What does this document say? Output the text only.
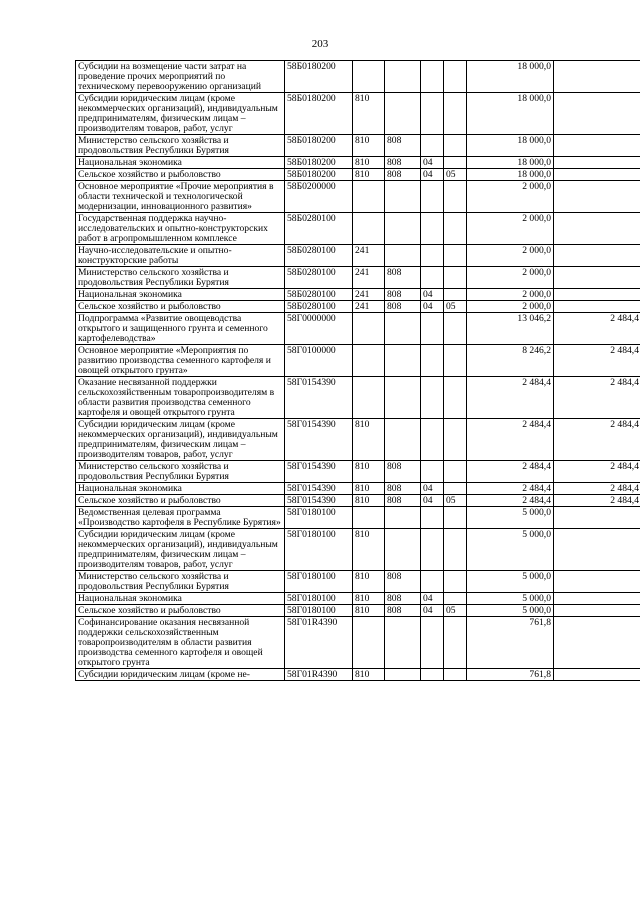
203
Субсидии на возмещение части затрат на проведение прочих мероприятий по техническому перевооружению организаций	58Б0180200					18 000,0	
Субсидии юридическим лицам (кроме некоммерческих организаций), индивидуальным предпринимателям, физическим лицам – производителям товаров, работ, услуг	58Б0180200	810				18 000,0	
Министерство сельского хозяйства и продовольствия Республики Бурятия	58Б0180200	810	808			18 000,0	
Национальная экономика	58Б0180200	810	808	04		18 000,0	
Сельское хозяйство и рыболовство	58Б0180200	810	808	04	05	18 000,0	
Основное мероприятие «Прочие мероприятия в области технической и технологической модернизации, инновационного развития»	58Б0200000					2 000,0	
Государственная поддержка научно-исследовательских и опытно-конструкторских работ в агропромышленном комплексе	58Б0280100					2 000,0	
Научно-исследовательские и опытно-конструкторские работы	58Б0280100	241				2 000,0	
Министерство сельского хозяйства и продовольствия Республики Бурятия	58Б0280100	241	808			2 000,0	
Национальная экономика	58Б0280100	241	808	04		2 000,0	
Сельское хозяйство и рыболовство	58Б0280100	241	808	04	05	2 000,0	
Подпрограмма «Развитие овощеводства открытого и защищенного грунта и семенного картофелеводства»	58Г0000000					13 046,2	2 484,4
Основное мероприятие «Мероприятия по развитию производства семенного картофеля и овощей открытого грунта»	58Г0100000					8 246,2	2 484,4
Оказание несвязанной поддержки сельскохозяйственным товаропроизводителям в области развития производства семенного картофеля и овощей открытого грунта	58Г0154390					2 484,4	2 484,4
Субсидии юридическим лицам (кроме некоммерческих организаций), индивидуальным предпринимателям, физическим лицам – производителям товаров, работ, услуг	58Г0154390	810				2 484,4	2 484,4
Министерство сельского хозяйства и продовольствия Республики Бурятия	58Г0154390	810	808			2 484,4	2 484,4
Национальная экономика	58Г0154390	810	808	04		2 484,4	2 484,4
Сельское хозяйство и рыболовство	58Г0154390	810	808	04	05	2 484,4	2 484,4
Ведомственная целевая программа «Производство картофеля в Республике Бурятия»	58Г0180100					5 000,0	
Субсидии юридическим лицам (кроме некоммерческих организаций), индивидуальным предпринимателям, физическим лицам – производителям товаров, работ, услуг	58Г0180100	810				5 000,0	
Министерство сельского хозяйства и продовольствия Республики Бурятия	58Г0180100	810	808			5 000,0	
Национальная экономика	58Г0180100	810	808	04		5 000,0	
Сельское хозяйство и рыболовство	58Г0180100	810	808	04	05	5 000,0	
Софинансирование оказания несвязанной поддержки сельскохозяйственным товаропроизводителям в области развития производства семенного картофеля и овощей открытого грунта	58Г01R4390					761,8	
Субсидии юридическим лицам (кроме не-	58Г01R4390	810				761,8	
